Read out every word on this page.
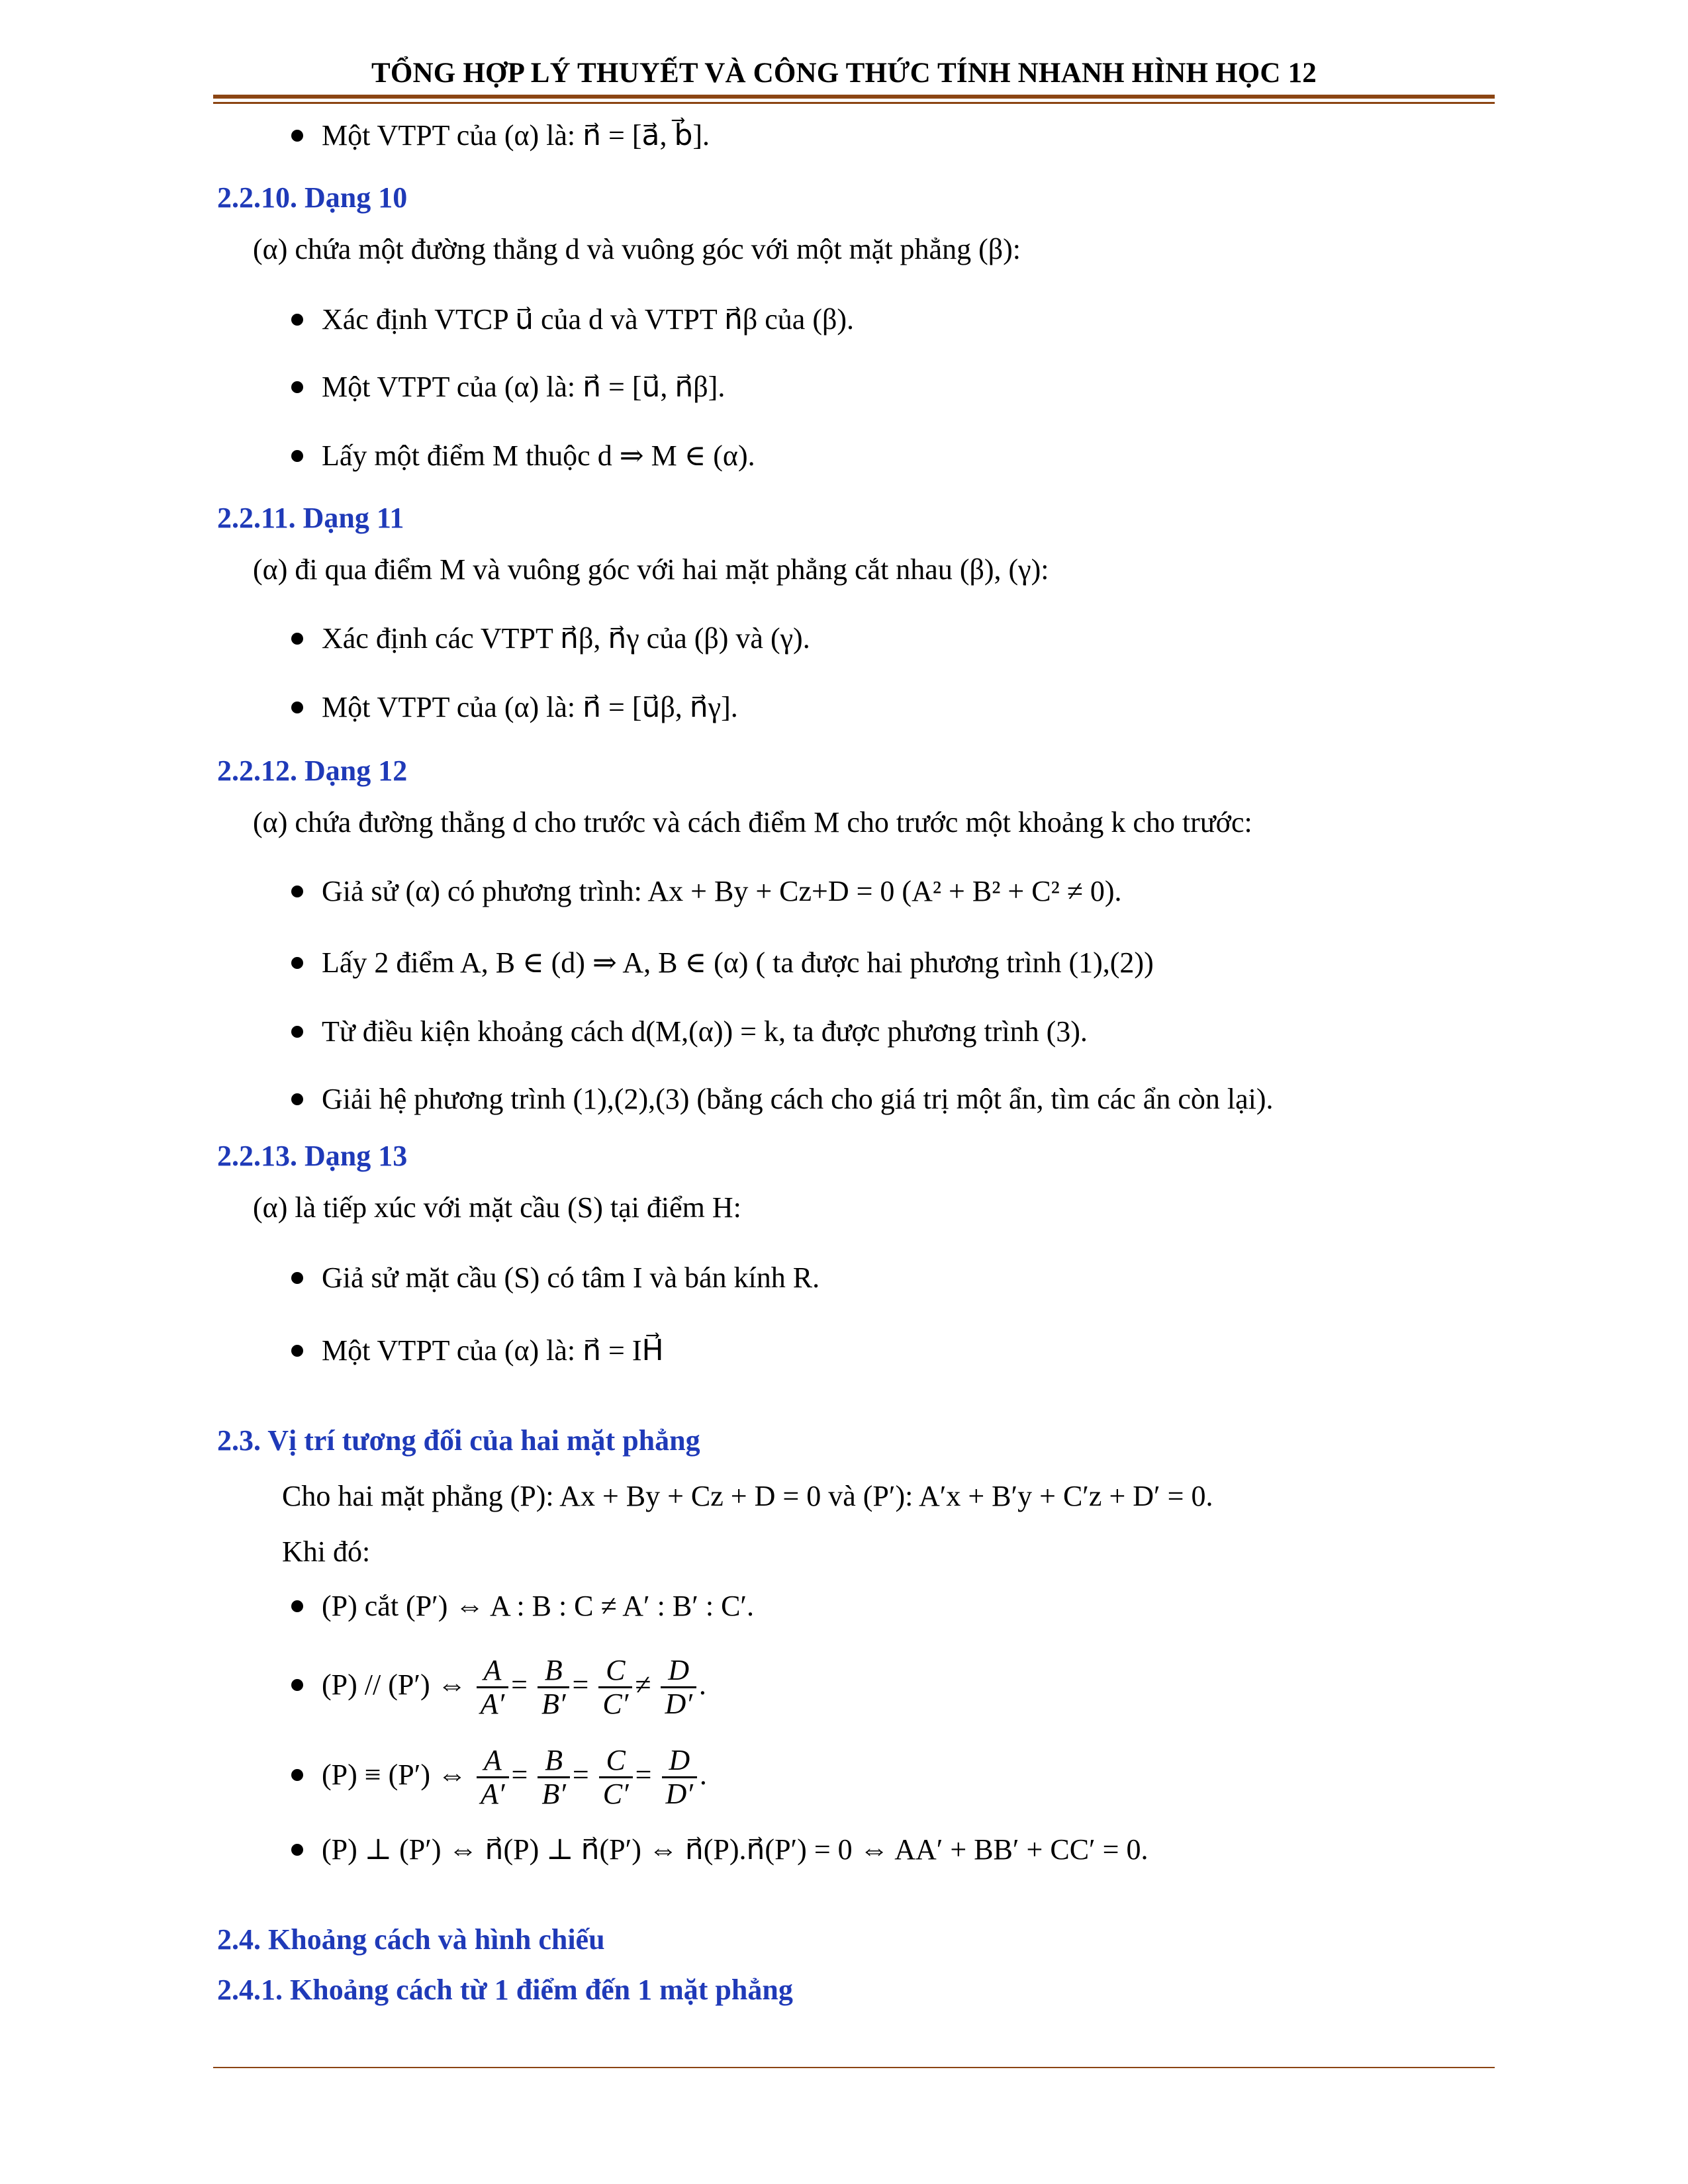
TỔNG HỢP LÝ THUYẾT VÀ CÔNG THỨC TÍNH NHANH HÌNH HỌC 12
Một VTPT của (α) là: n⃗ = [a⃗, b⃗].
2.2.10. Dạng 10
(α) chứa một đường thẳng d và vuông góc với một mặt phẳng (β):
Xác định VTCP u⃗ của d và VTPT n⃗β của (β).
Một VTPT của (α) là: n⃗ = [u⃗, n⃗β].
Lấy một điểm M thuộc d ⇒ M ∈ (α).
2.2.11. Dạng 11
(α) đi qua điểm M và vuông góc với hai mặt phẳng cắt nhau (β), (γ):
Xác định các VTPT n⃗β, n⃗γ của (β) và (γ).
Một VTPT của (α) là: n⃗ = [u⃗β, n⃗γ].
2.2.12. Dạng 12
(α) chứa đường thẳng d cho trước và cách điểm M cho trước một khoảng k cho trước:
Giả sử (α) có phương trình: Ax + By + Cz+D = 0 (A² + B² + C² ≠ 0).
Lấy 2 điểm A, B ∈ (d) ⇒ A, B ∈ (α) ( ta được hai phương trình (1),(2))
Từ điều kiện khoảng cách d(M,(α)) = k, ta được phương trình (3).
Giải hệ phương trình (1),(2),(3) (bằng cách cho giá trị một ẩn, tìm các ẩn còn lại).
2.2.13. Dạng 13
(α) là tiếp xúc với mặt cầu (S) tại điểm H:
Giả sử mặt cầu (S) có tâm I và bán kính R.
Một VTPT của (α) là: n⃗ = IH⃗
2.3. Vị trí tương đối của hai mặt phẳng
Cho hai mặt phẳng (P): Ax + By + Cz + D = 0 và (P′): A′x + B′y + C′z + D′ = 0.
Khi đó:
(P) cắt (P′) ⇔ A : B : C ≠ A′ : B′ : C′.
(P) // (P′) ⇔ $\frac{A}{A'} = \frac{B}{B'} = \frac{C}{C'} \ne \frac{D}{D'}$ .
(P) ≡ (P′) ⇔ $\frac{A}{A'} = \frac{B}{B'} = \frac{C}{C'} = \frac{D}{D'}$ .
(P) ⊥ (P′) ⇔ n⃗(P) ⊥ n⃗(P′) ⇔ n⃗(P).n⃗(P′) = 0 ⇔ AA′ + BB′ + CC′ = 0.
2.4. Khoảng cách và hình chiếu
2.4.1. Khoảng cách từ 1 điểm đến 1 mặt phẳng
